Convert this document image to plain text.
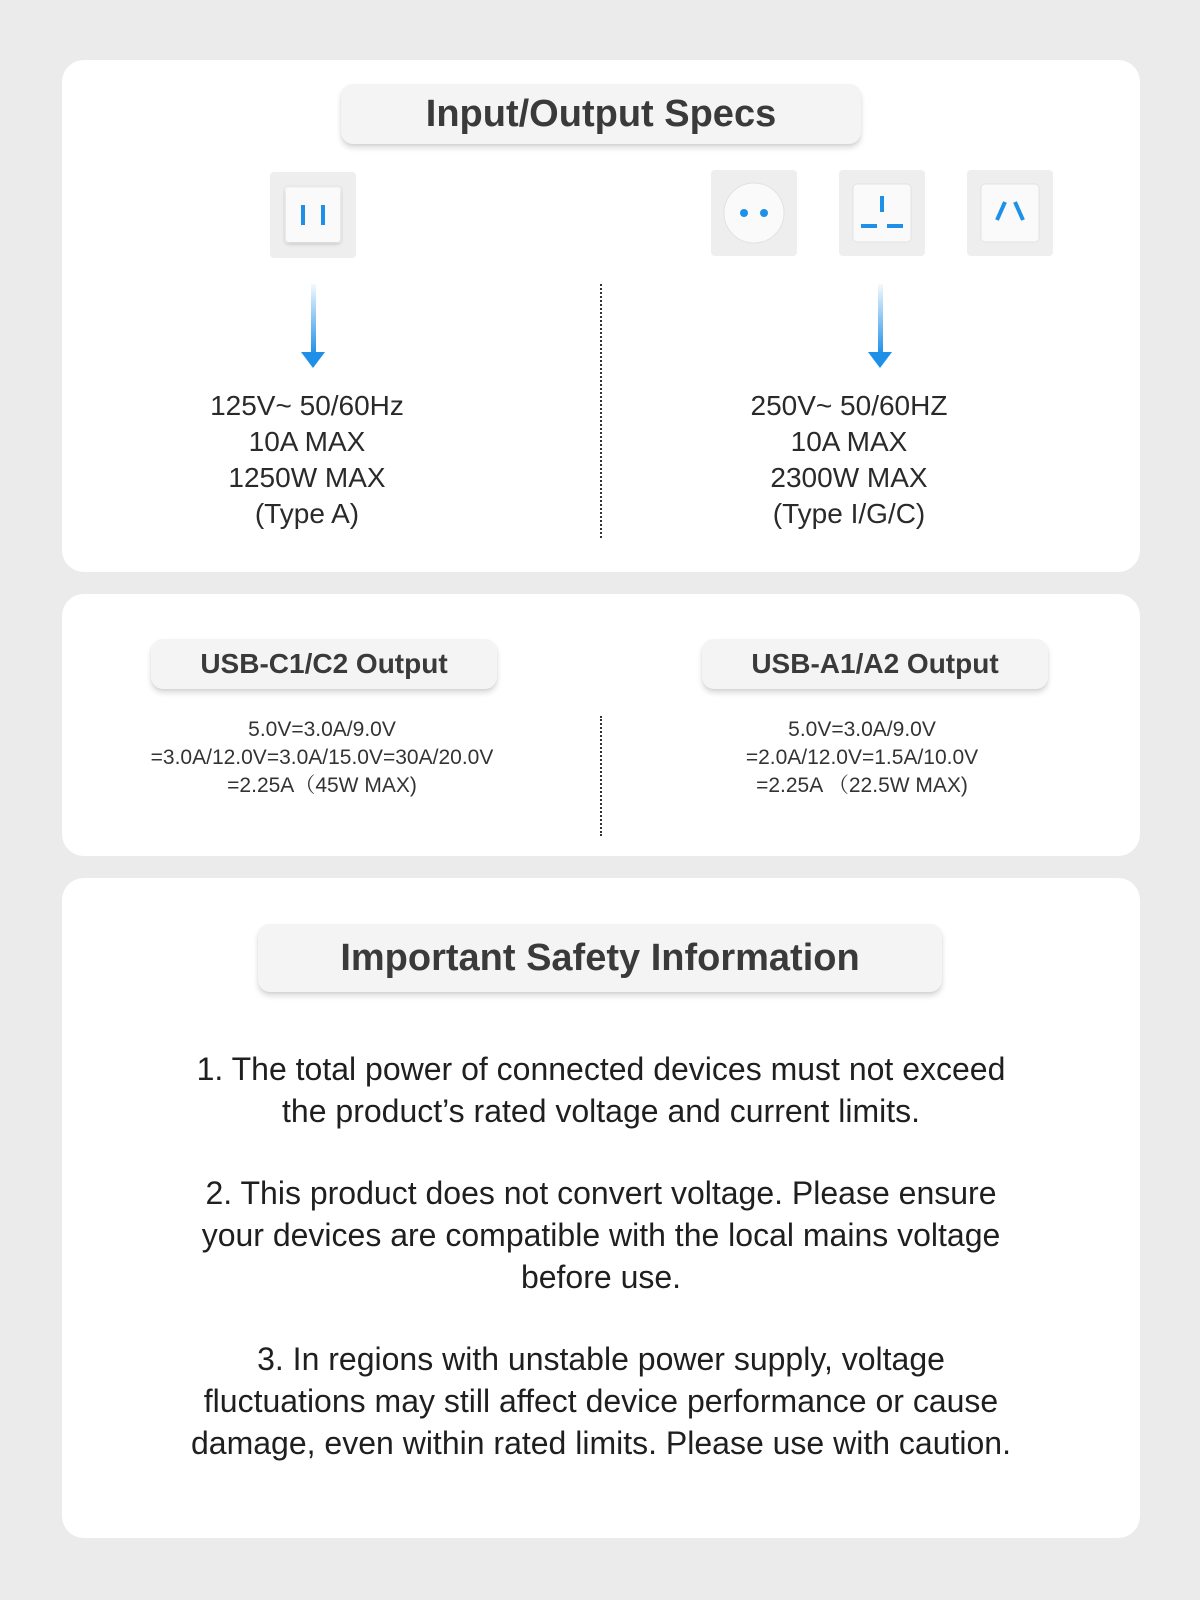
Input/Output Specs
125V~ 50/60Hz
10A MAX
1250W MAX
(Type A)
250V~ 50/60HZ
10A MAX
2300W MAX
(Type I/G/C)
USB-C1/C2 Output	USB-A1/A2 Output
5.0V=3.0A/9.0V
=3.0A/12.0V=3.0A/15.0V=30A/20.0V
=2.25A（45W MAX)
5.0V=3.0A/9.0V
=2.0A/12.0V=1.5A/10.0V
=2.25A （22.5W MAX)
Important Safety Information
1. The total power of connected devices must not exceed
the product’s rated voltage and current limits.
2. This product does not convert voltage. Please ensure
your devices are compatible with the local mains voltage
before use.
3. In regions with unstable power supply, voltage
fluctuations may still affect device performance or cause
damage, even within rated limits. Please use with caution.
